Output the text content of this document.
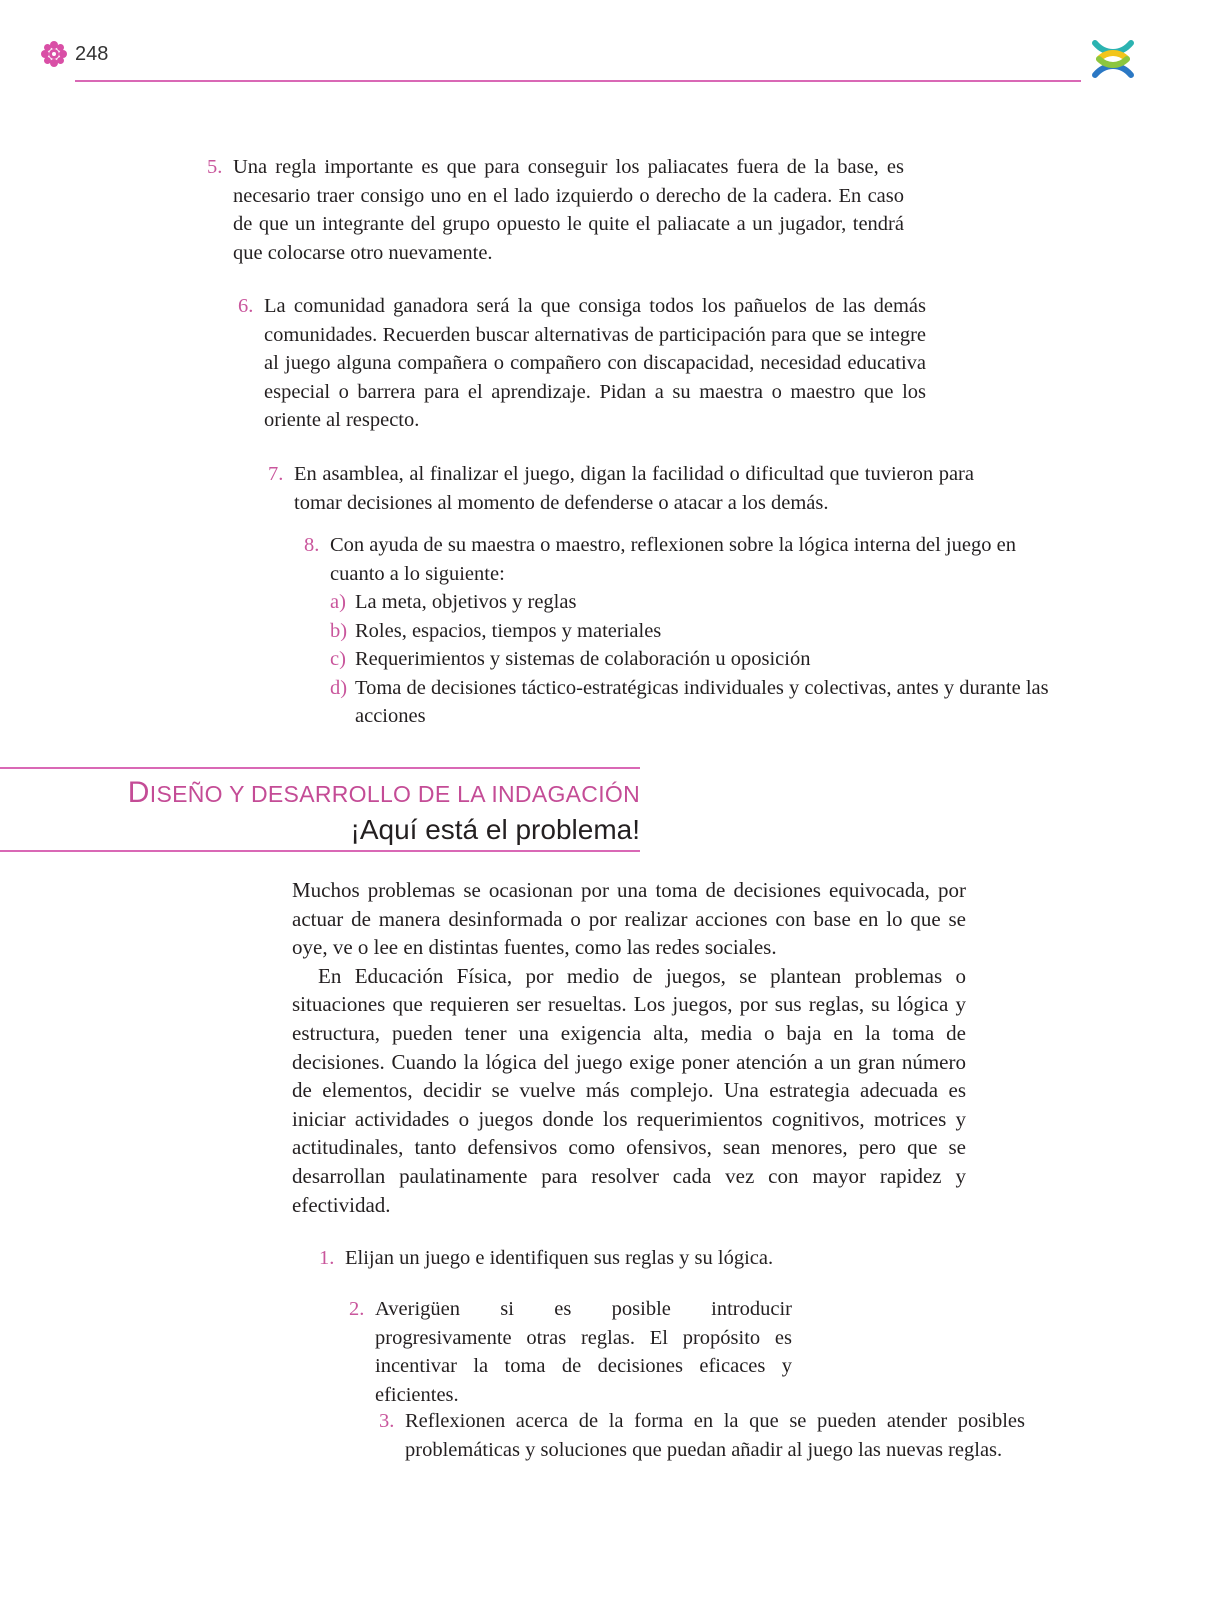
248
5. Una regla importante es que para conseguir los paliacates fuera de la base, es necesario traer consigo uno en el lado izquierdo o derecho de la cadera. En caso de que un integrante del grupo opuesto le quite el paliacate a un jugador, tendrá que colocarse otro nuevamente.
6. La comunidad ganadora será la que consiga todos los pañuelos de las demás comunidades. Recuerden buscar alternativas de participación para que se integre al juego alguna compañera o compañero con discapacidad, necesidad educativa especial o barrera para el aprendizaje. Pidan a su maestra o maestro que los oriente al respecto.
7. En asamblea, al finalizar el juego, digan la facilidad o dificultad que tuvieron para tomar decisiones al momento de defenderse o atacar a los demás.
8. Con ayuda de su maestra o maestro, reflexionen sobre la lógica interna del juego en cuanto a lo siguiente:
a) La meta, objetivos y reglas
b) Roles, espacios, tiempos y materiales
c) Requerimientos y sistemas de colaboración u oposición
d) Toma de decisiones táctico-estratégicas individuales y colectivas, antes y durante las acciones
DISEÑO Y DESARROLLO DE LA INDAGACIÓN
¡Aquí está el problema!

Muchos problemas se ocasionan por una toma de decisiones equivocada, por actuar de manera desinformada o por realizar acciones con base en lo que se oye, ve o lee en distintas fuentes, como las redes sociales.

En Educación Física, por medio de juegos, se plantean problemas o situaciones que requieren ser resueltas. Los juegos, por sus reglas, su lógica y estructura, pueden tener una exigencia alta, media o baja en la toma de decisiones. Cuando la lógica del juego exige poner atención a un gran número de elementos, decidir se vuelve más complejo. Una estrategia adecuada es iniciar actividades o juegos donde los requerimientos cognitivos, motrices y actitudinales, tanto defensivos como ofensivos, sean menores, pero que se desarrollan paulatinamente para resolver cada vez con mayor rapidez y efectividad.

1. Elijan un juego e identifiquen sus reglas y su lógica.
2. Averigüen si es posible introducir progresivamente otras reglas. El propósito es incentivar la toma de decisiones eficaces y eficientes.
3. Reflexionen acerca de la forma en la que se pueden atender posibles problemáticas y soluciones que puedan añadir al juego las nuevas reglas.
